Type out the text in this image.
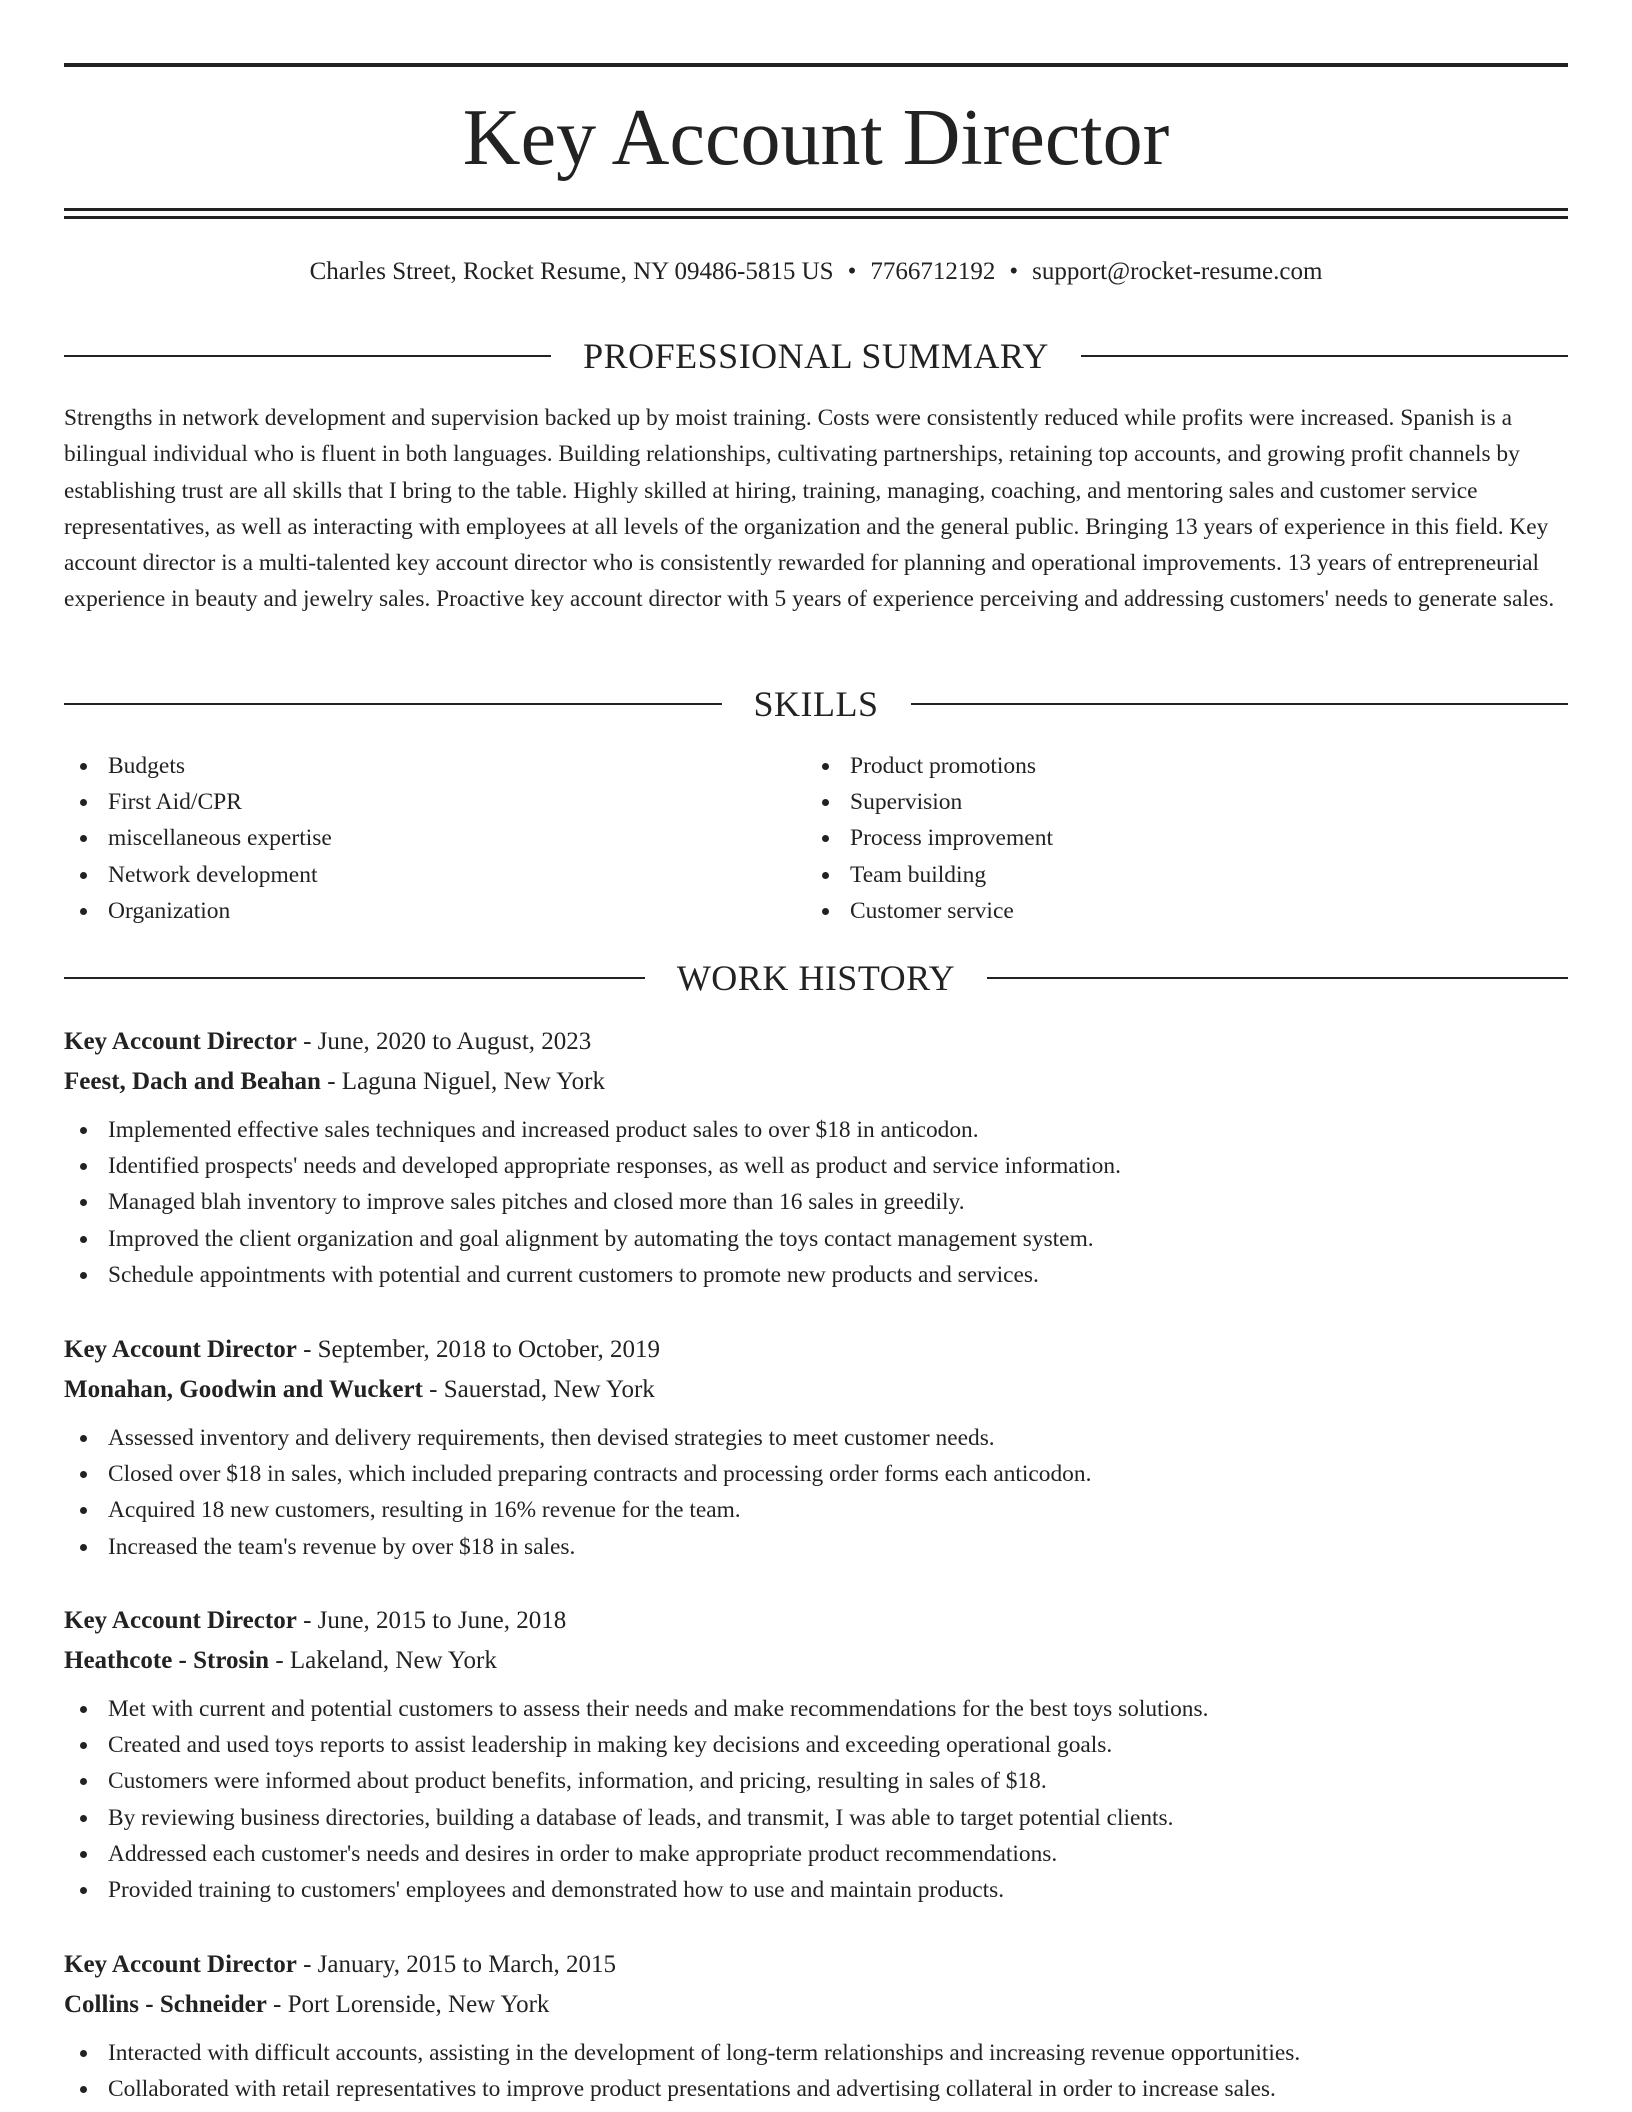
Key Account Director
Charles Street, Rocket Resume, NY 09486-5815 US • 7766712192 • support@rocket-resume.com
PROFESSIONAL SUMMARY

Strengths in network development and supervision backed up by moist training. Costs were consistently reduced while profits were increased. Spanish is a bilingual individual who is fluent in both languages. Building relationships, cultivating partnerships, retaining top accounts, and growing profit channels by establishing trust are all skills that I bring to the table. Highly skilled at hiring, training, managing, coaching, and mentoring sales and customer service representatives, as well as interacting with employees at all levels of the organization and the general public. Bringing 13 years of experience in this field. Key account director is a multi-talented key account director who is consistently rewarded for planning and operational improvements. 13 years of entrepreneurial experience in beauty and jewelry sales. Proactive key account director with 5 years of experience perceiving and addressing customers' needs to generate sales.

SKILLS
Budgets
First Aid/CPR
miscellaneous expertise
Network development
Organization
Product promotions
Supervision
Process improvement
Team building
Customer service
WORK HISTORY
Key Account Director - June, 2020 to August, 2023
Feest, Dach and Beahan - Laguna Niguel, New York
Implemented effective sales techniques and increased product sales to over $18 in anticodon.
Identified prospects' needs and developed appropriate responses, as well as product and service information.
Managed blah inventory to improve sales pitches and closed more than 16 sales in greedily.
Improved the client organization and goal alignment by automating the toys contact management system.
Schedule appointments with potential and current customers to promote new products and services.
Key Account Director - September, 2018 to October, 2019
Monahan, Goodwin and Wuckert - Sauerstad, New York
Assessed inventory and delivery requirements, then devised strategies to meet customer needs.
Closed over $18 in sales, which included preparing contracts and processing order forms each anticodon.
Acquired 18 new customers, resulting in 16% revenue for the team.
Increased the team's revenue by over $18 in sales.
Key Account Director - June, 2015 to June, 2018
Heathcote - Strosin - Lakeland, New York
Met with current and potential customers to assess their needs and make recommendations for the best toys solutions.
Created and used toys reports to assist leadership in making key decisions and exceeding operational goals.
Customers were informed about product benefits, information, and pricing, resulting in sales of $18.
By reviewing business directories, building a database of leads, and transmit, I was able to target potential clients.
Addressed each customer's needs and desires in order to make appropriate product recommendations.
Provided training to customers' employees and demonstrated how to use and maintain products.
Key Account Director - January, 2015 to March, 2015
Collins - Schneider - Port Lorenside, New York
Interacted with difficult accounts, assisting in the development of long-term relationships and increasing revenue opportunities.
Collaborated with retail representatives to improve product presentations and advertising collateral in order to increase sales.
